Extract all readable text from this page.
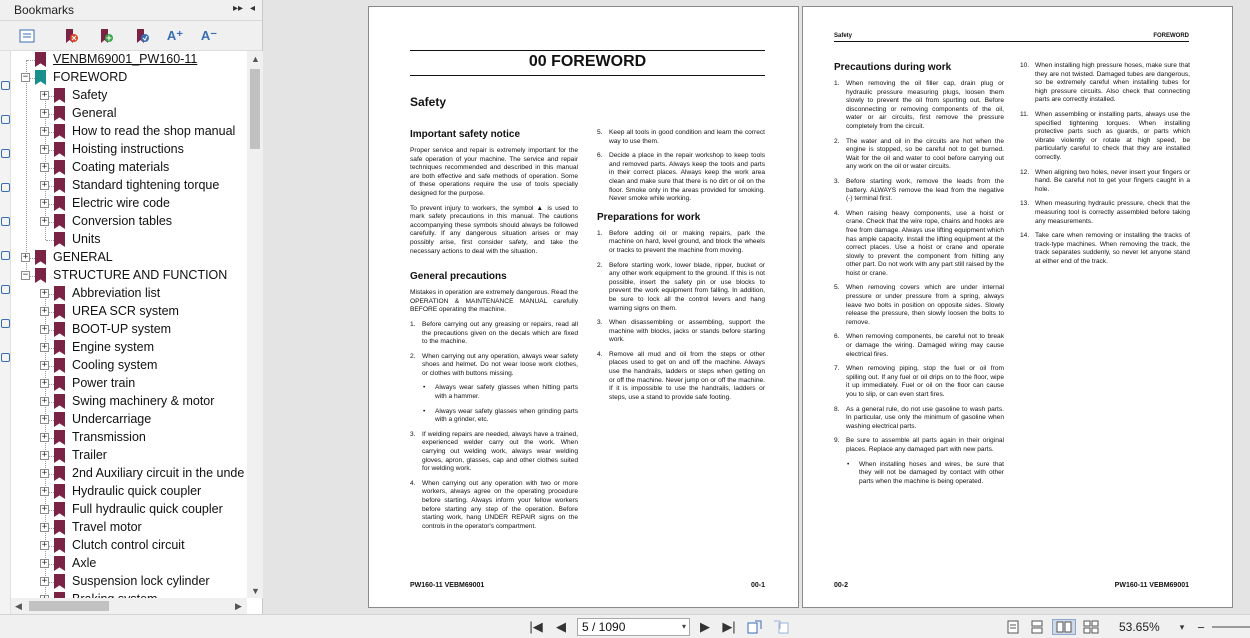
Bookmarks	▸▸ ◂
A⁺ A⁻
VENBM69001_PW160-11
− FOREWORD
+ Safety
+ General
+ How to read the shop manual
+ Hoisting instructions
+ Coating materials
+ Standard tightening torque
+ Electric wire code
+ Conversion tables
Units
+ GENERAL
− STRUCTURE AND FUNCTION
+ Abbreviation list
+ UREA SCR system
+ BOOT-UP system
+ Engine system
+ Cooling system
+ Power train
+ Swing machinery & motor
+ Undercarriage
+ Transmission
+ Trailer
+ 2nd Auxiliary circuit in the unde
+ Hydraulic quick coupler
+ Full hydraulic quick coupler
+ Travel motor
+ Clutch control circuit
+ Axle
+ Suspension lock cylinder
▲
▼
◀	▶
00 FOREWORD
Safety
Important safety notice
Proper service and repair is extremely important for the safe operation of your machine. The service and repair techniques recommended and described in this manual are both effective and safe methods of operation. Some of these operations require the use of tools specially designed for the purpose.
To prevent injury to workers, the symbol ▲ is used to mark safety precautions in this manual. The cautions accompanying these symbols should always be followed carefully. If any dangerous situation arises or may possibly arise, first consider safety, and take the necessary actions to deal with the situation.
General precautions
Mistakes in operation are extremely dangerous. Read the OPERATION & MAINTENANCE MANUAL carefully BEFORE operating the machine.
1. Before carrying out any greasing or repairs, read all the precautions given on the decals which are fixed to the machine.
2. When carrying out any operation, always wear safety shoes and helmet. Do not wear loose work clothes, or clothes with buttons missing.
• Always wear safety glasses when hitting parts with a hammer.
• Always wear safety glasses when grinding parts with a grinder, etc.
3. If welding repairs are needed, always have a trained, experienced welder carry out the work. When carrying out welding work, always wear welding gloves, apron, glasses, cap and other clothes suited for welding work.
4. When carrying out any operation with two or more workers, always agree on the operating procedure before starting. Always inform your fellow workers before starting any step of the operation. Before starting work, hang UNDER REPAIR signs on the controls in the operator's compartment.
5. Keep all tools in good condition and learn the correct way to use them.
6. Decide a place in the repair workshop to keep tools and removed parts. Always keep the tools and parts in their correct places. Always keep the work area clean and make sure that there is no dirt or oil on the floor. Smoke only in the areas provided for smoking. Never smoke while working.
Preparations for work
1. Before adding oil or making repairs, park the machine on hard, level ground, and block the wheels or tracks to prevent the machine from moving.
2. Before starting work, lower blade, ripper, bucket or any other work equipment to the ground. If this is not possible, insert the safety pin or use blocks to prevent the work equipment from falling. In addition, be sure to lock all the control levers and hang warning signs on them.
3. When disassembling or assembling, support the machine with blocks, jacks or stands before starting work.
4. Remove all mud and oil from the steps or other places used to get on and off the machine. Always use the handrails, ladders or steps when getting on or off the machine. Never jump on or off the machine. If it is impossible to use the handrails, ladders or steps, use a stand to provide safe footing.
PW160-11 VEBM69001	00-1
Safety	FOREWORD
Precautions during work
1. When removing the oil filler cap, drain plug or hydraulic pressure measuring plugs, loosen them slowly to prevent the oil from spurting out. Before disconnecting or removing components of the oil, water or air circuits, first remove the pressure completely from the circuit.
2. The water and oil in the circuits are hot when the engine is stopped, so be careful not to get burned. Wait for the oil and water to cool before carrying out any work on the oil or water circuits.
3. Before starting work, remove the leads from the battery. ALWAYS remove the lead from the negative (-) terminal first.
4. When raising heavy components, use a hoist or crane. Check that the wire rope, chains and hooks are free from damage. Always use lifting equipment which has ample capacity. Install the lifting equipment at the correct places. Use a hoist or crane and operate slowly to prevent the component from hitting any other part. Do not work with any part still raised by the hoist or crane.
5. When removing covers which are under internal pressure or under pressure from a spring, always leave two bolts in position on opposite sides. Slowly release the pressure, then slowly loosen the bolts to remove.
6. When removing components, be careful not to break or damage the wiring. Damaged wiring may cause electrical fires.
7. When removing piping, stop the fuel or oil from spilling out. If any fuel or oil drips on to the floor, wipe it up immediately. Fuel or oil on the floor can cause you to slip, or can even start fires.
8. As a general rule, do not use gasoline to wash parts. In particular, use only the minimum of gasoline when washing electrical parts.
9. Be sure to assemble all parts again in their original places. Replace any damaged part with new parts.
• When installing hoses and wires, be sure that they will not be damaged by contact with other parts when the machine is being operated.
10. When installing high pressure hoses, make sure that they are not twisted. Damaged tubes are dangerous, so be extremely careful when installing tubes for high pressure circuits. Also check that connecting parts are correctly installed.
11. When assembling or installing parts, always use the specified tightening torques. When installing protective parts such as guards, or parts which vibrate violently or rotate at high speed, be particularly careful to check that they are installed correctly.
12. When aligning two holes, never insert your fingers or hand. Be careful not to get your fingers caught in a hole.
13. When measuring hydraulic pressure, check that the measuring tool is correctly assembled before taking any measurements.
14. Take care when removing or installing the tracks of track-type machines. When removing the track, the track separates suddenly, so never let anyone stand at either end of the track.
00-2	PW160-11 VEBM69001
|◀ ◀	5 / 1090	▾ ▶ ▶|	53.65%	▾ −
